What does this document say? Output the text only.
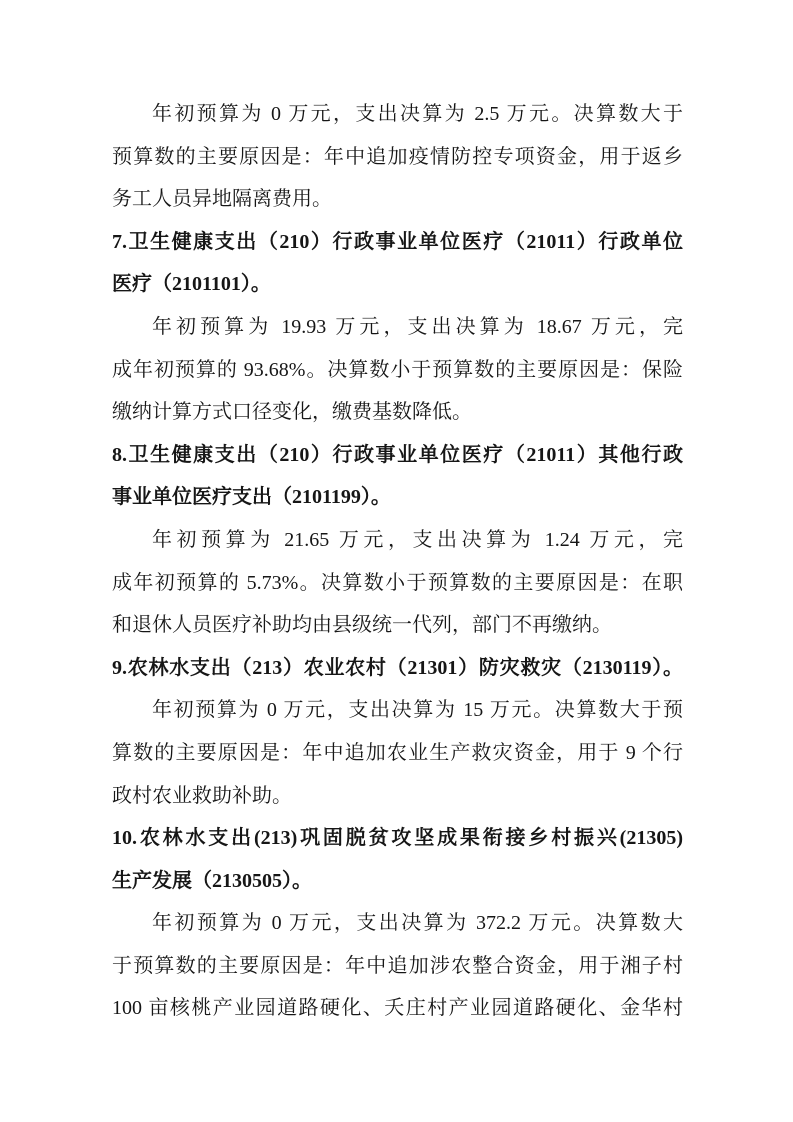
年初预算为 0 万元，支出决算为 2.5 万元。决算数大于
预算数的主要原因是：年中追加疫情防控专项资金，用于返乡
务工人员异地隔离费用。
7.卫生健康支出（210）行政事业单位医疗（21011）行政单位
医疗（2101101）。
年初预算为 19.93 万元，支出决算为 18.67 万元，完
成年初预算的 93.68%。决算数小于预算数的主要原因是：保险
缴纳计算方式口径变化，缴费基数降低。
8.卫生健康支出（210）行政事业单位医疗（21011）其他行政
事业单位医疗支出（2101199）。
年初预算为 21.65 万元，支出决算为 1.24 万元，完
成年初预算的 5.73%。决算数小于预算数的主要原因是：在职
和退休人员医疗补助均由县级统一代列，部门不再缴纳。
9.农林水支出（213）农业农村（21301）防灾救灾（2130119）。
年初预算为 0 万元，支出决算为 15 万元。决算数大于预
算数的主要原因是：年中追加农业生产救灾资金，用于 9 个行
政村农业救助补助。
10.农林水支出(213)巩固脱贫攻坚成果衔接乡村振兴(21305)
生产发展（2130505）。
年初预算为 0 万元，支出决算为 372.2 万元。决算数大
于预算数的主要原因是：年中追加涉农整合资金，用于湘子村
100 亩核桃产业园道路硬化、夭庄村产业园道路硬化、金华村
